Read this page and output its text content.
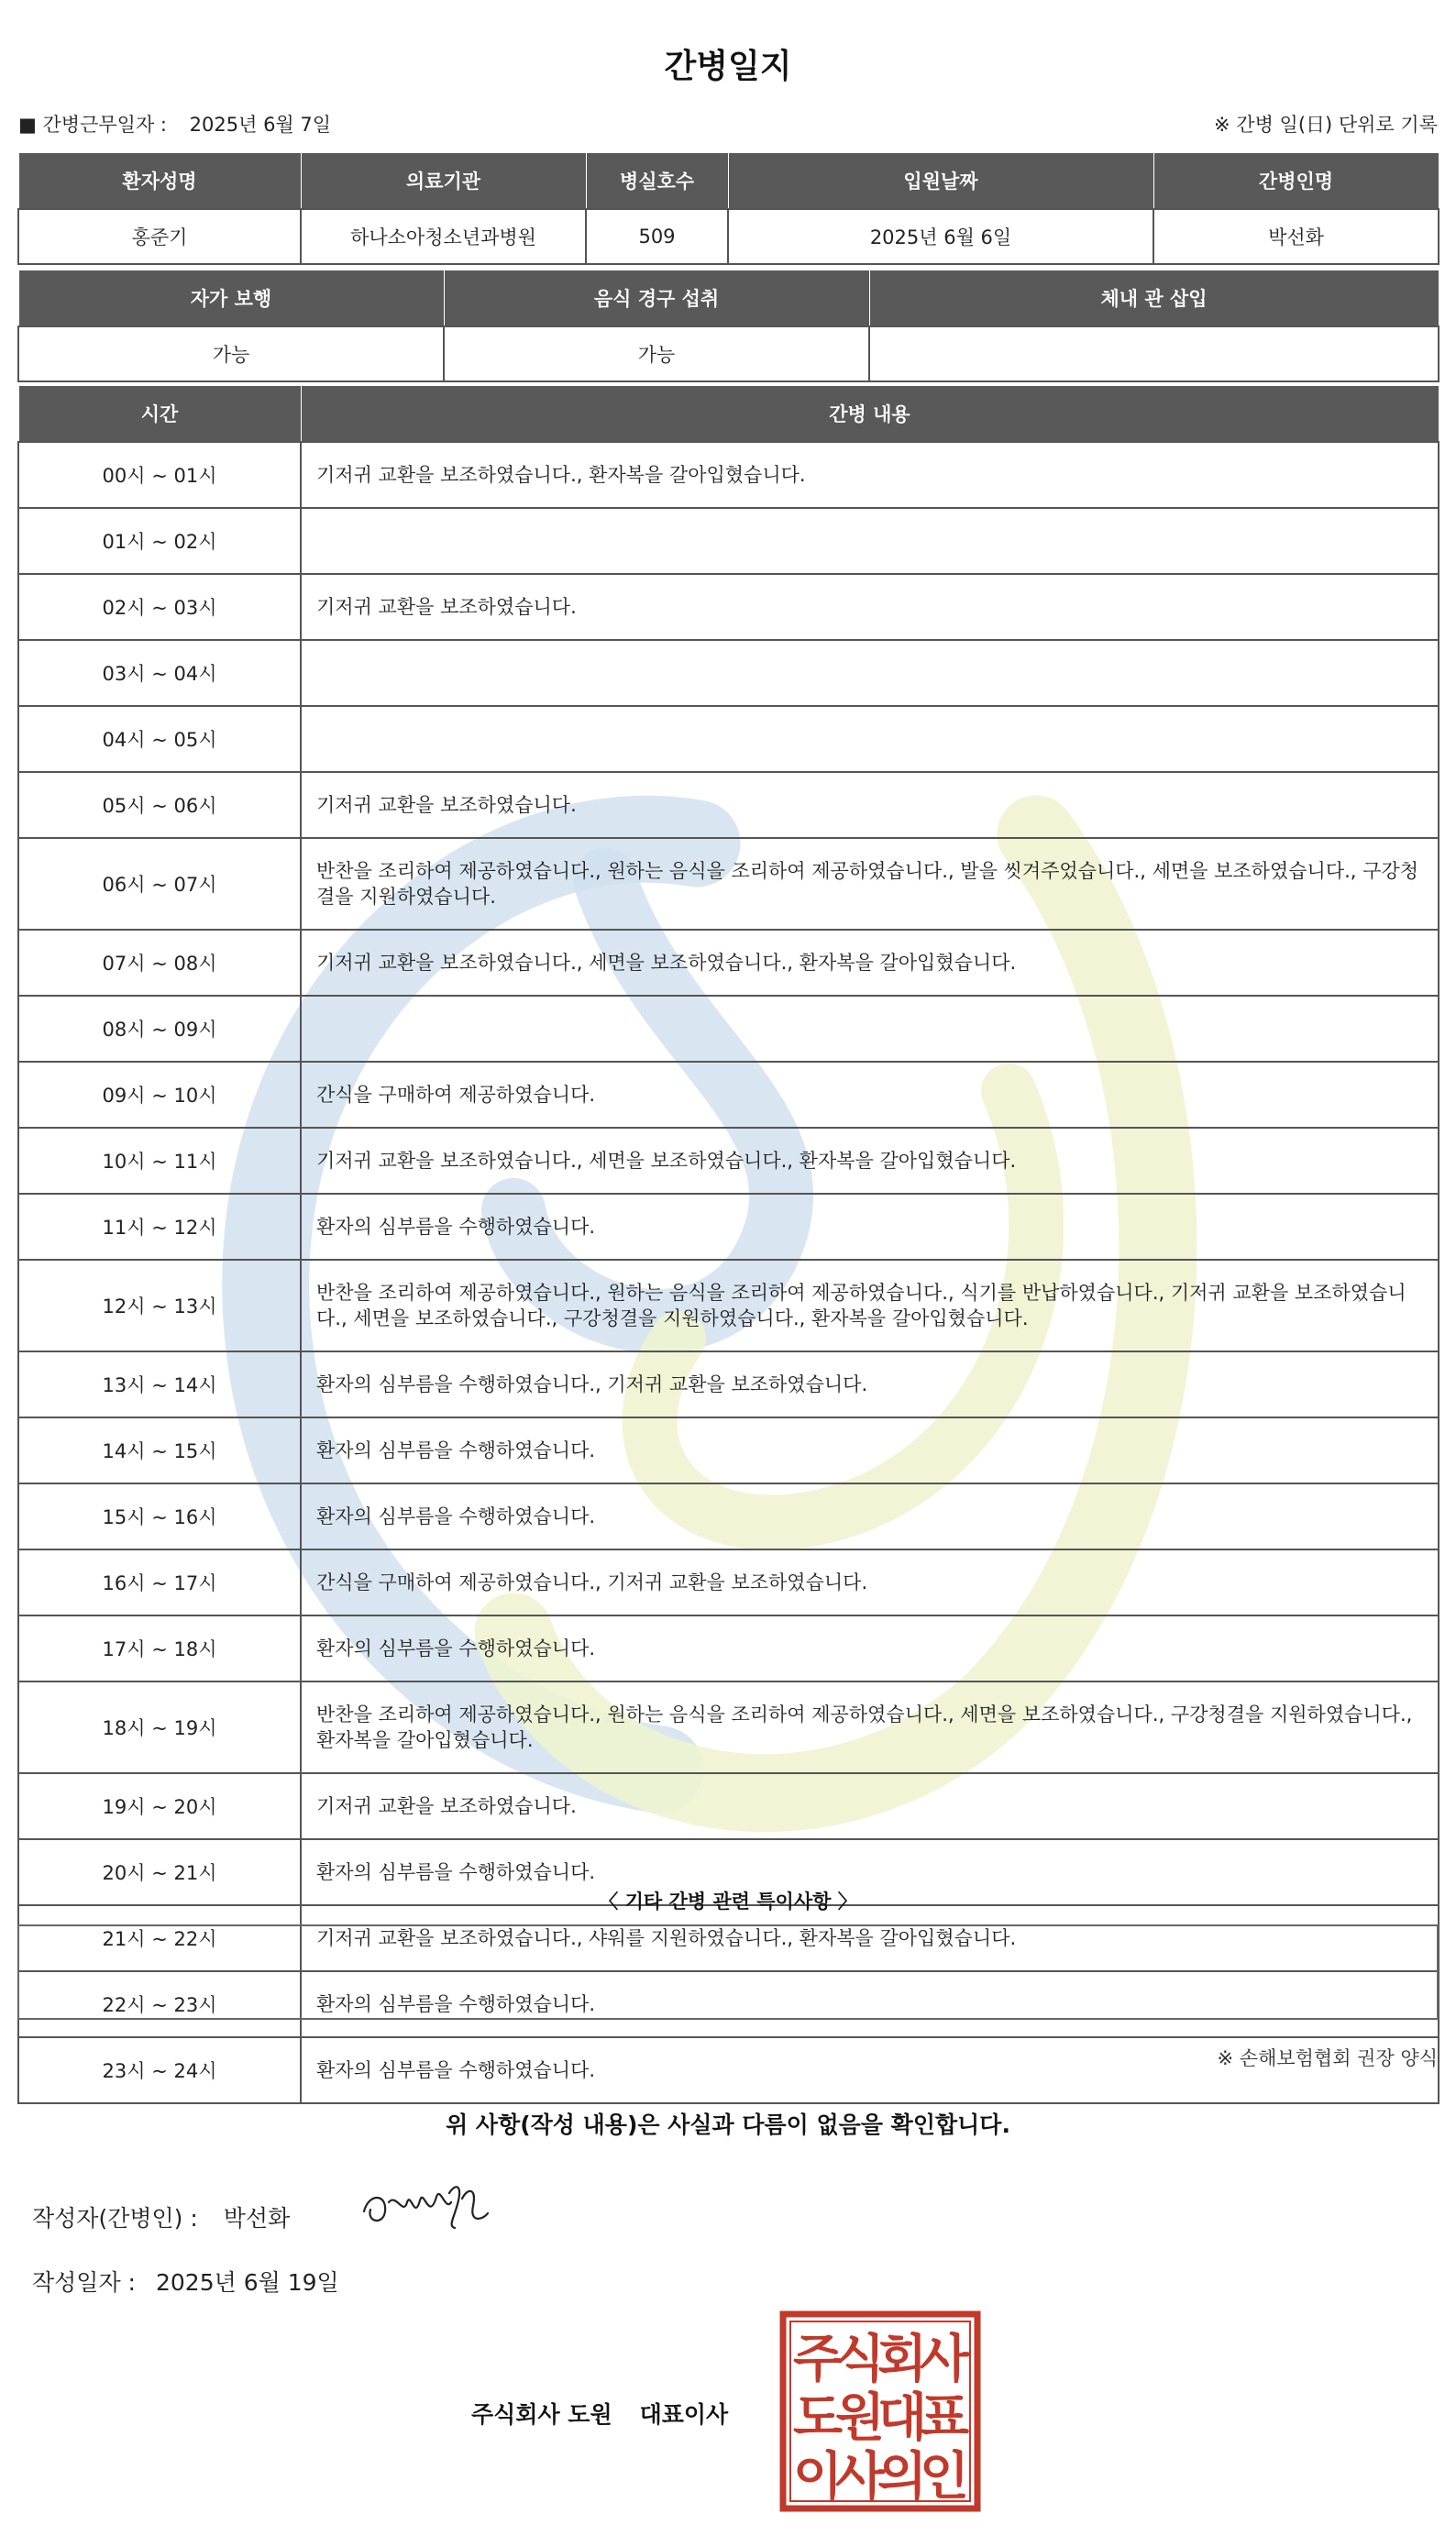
간병일지
■ 간병근무일자 : 2025년 6월 7일	※ 간병 일(日) 단위로 기록
환자성명	의료기관	병실호수	입원날짜	간병인명
홍준기	하나소아청소년과병원	509	2025년 6월 6일	박선화
자가 보행	음식 경구 섭취	체내 관 삽입
가능	가능	
시간	간병 내용
00시 ~ 01시	기저귀 교환을 보조하였습니다., 환자복을 갈아입혔습니다.
01시 ~ 02시	
02시 ~ 03시	기저귀 교환을 보조하였습니다.
03시 ~ 04시	
04시 ~ 05시	
05시 ~ 06시	기저귀 교환을 보조하였습니다.
06시 ~ 07시	반찬을 조리하여 제공하였습니다., 원하는 음식을 조리하여 제공하였습니다., 발을 씻겨주었습니다., 세면을 보조하였습니다., 구강청결을 지원하였습니다.
07시 ~ 08시	기저귀 교환을 보조하였습니다., 세면을 보조하였습니다., 환자복을 갈아입혔습니다.
08시 ~ 09시	
09시 ~ 10시	간식을 구매하여 제공하였습니다.
10시 ~ 11시	기저귀 교환을 보조하였습니다., 세면을 보조하였습니다., 환자복을 갈아입혔습니다.
11시 ~ 12시	환자의 심부름을 수행하였습니다.
12시 ~ 13시	반찬을 조리하여 제공하였습니다., 원하는 음식을 조리하여 제공하였습니다., 식기를 반납하였습니다., 기저귀 교환을 보조하였습니다., 세면을 보조하였습니다., 구강청결을 지원하였습니다., 환자복을 갈아입혔습니다.
13시 ~ 14시	환자의 심부름을 수행하였습니다., 기저귀 교환을 보조하였습니다.
14시 ~ 15시	환자의 심부름을 수행하였습니다.
15시 ~ 16시	환자의 심부름을 수행하였습니다.
16시 ~ 17시	간식을 구매하여 제공하였습니다., 기저귀 교환을 보조하였습니다.
17시 ~ 18시	환자의 심부름을 수행하였습니다.
18시 ~ 19시	반찬을 조리하여 제공하였습니다., 원하는 음식을 조리하여 제공하였습니다., 세면을 보조하였습니다., 구강청결을 지원하였습니다., 환자복을 갈아입혔습니다.
19시 ~ 20시	기저귀 교환을 보조하였습니다.
20시 ~ 21시	환자의 심부름을 수행하였습니다.
21시 ~ 22시	기저귀 교환을 보조하였습니다., 샤워를 지원하였습니다., 환자복을 갈아입혔습니다.
22시 ~ 23시	환자의 심부름을 수행하였습니다.
23시 ~ 24시	환자의 심부름을 수행하였습니다.
〈 기타 간병 관련 특이사항 〉
※ 손해보험협회 권장 양식
위 사항(작성 내용)은 사실과 다름이 없음을 확인합니다.
작성자(간병인) : 박선화
작성일자 : 2025년 6월 19일
주식회사 도원 대표이사
주
식
회
사
도
원
대
표
이
사
의
인
